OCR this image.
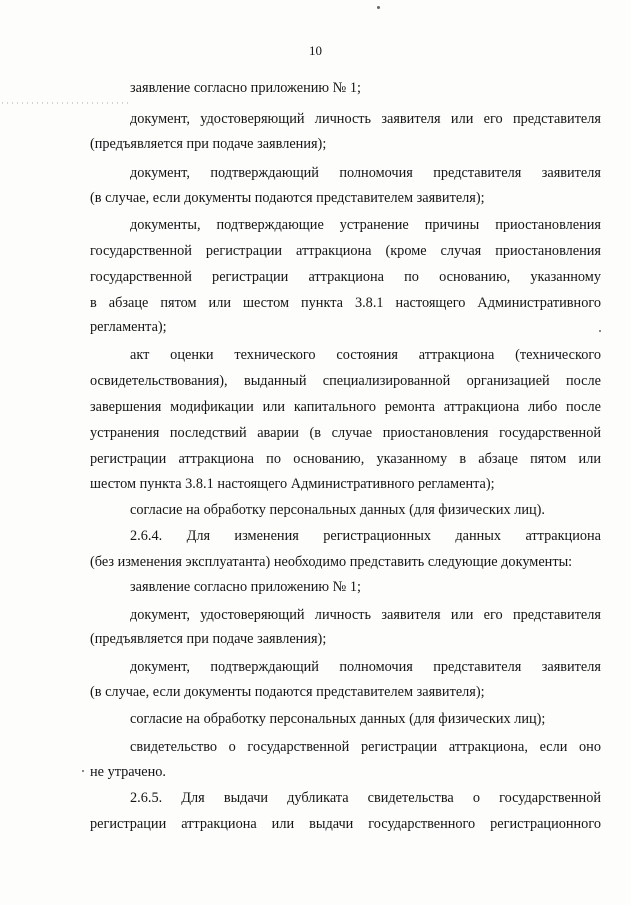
10
заявление согласно приложению № 1;
документ, удостоверяющий личность заявителя или его представителя
(предъявляется при подаче заявления);
документ, подтверждающий полномочия представителя заявителя
(в случае, если документы подаются представителем заявителя);
документы, подтверждающие устранение причины приостановления
государственной регистрации аттракциона (кроме случая приостановления
государственной регистрации аттракциона по основанию, указанному
в абзаце пятом или шестом пункта 3.8.1 настоящего Административного
регламента);
акт оценки технического состояния аттракциона (технического
освидетельствования), выданный специализированной организацией после
завершения модификации или капитального ремонта аттракциона либо после
устранения последствий аварии (в случае приостановления государственной
регистрации аттракциона по основанию, указанному в абзаце пятом или
шестом пункта 3.8.1 настоящего Административного регламента);
согласие на обработку персональных данных (для физических лиц).
2.6.4. Для изменения регистрационных данных аттракциона
(без изменения эксплуатанта) необходимо представить следующие документы:
заявление согласно приложению № 1;
документ, удостоверяющий личность заявителя или его представителя
(предъявляется при подаче заявления);
документ, подтверждающий полномочия представителя заявителя
(в случае, если документы подаются представителем заявителя);
согласие на обработку персональных данных (для физических лиц);
свидетельство о государственной регистрации аттракциона, если оно
не утрачено.
2.6.5. Для выдачи дубликата свидетельства о государственной
регистрации аттракциона или выдачи государственного регистрационного
